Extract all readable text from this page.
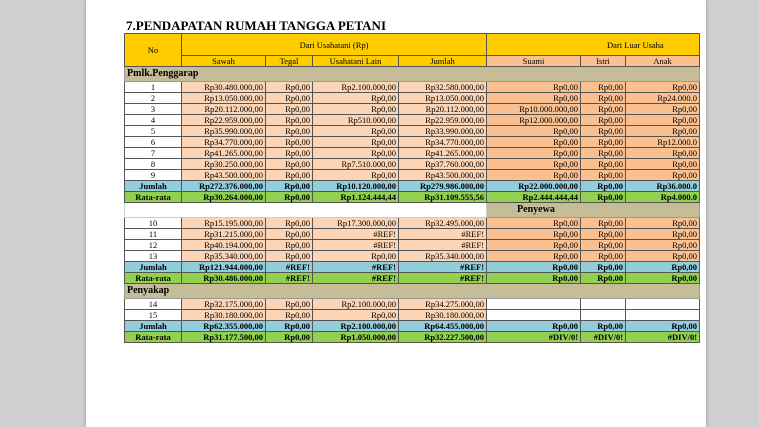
7.PENDAPATAN RUMAH TANGGA PETANI
No	Dari Usahatani (Rp)				Dari Luar Usaha		
	Sawah	Tegal	Usahatani Lain	Jumlah	Suami	Istri	Anak
Pmlk.Penggarap							
1	Rp30.480.000,00	Rp0,00	Rp2.100.000,00	Rp32.580.000,00	Rp0,00	Rp0,00	Rp0,00
2	Rp13.050.000,00	Rp0,00	Rp0,00	Rp13.050.000,00	Rp0,00	Rp0,00	Rp24.000.0
3	Rp20.112.000,00	Rp0,00	Rp0,00	Rp20.112.000,00	Rp10.000.000,00	Rp0,00	Rp0,00
4	Rp22.959.000,00	Rp0,00	Rp510.000,00	Rp22.959.000,00	Rp12.000.000,00	Rp0,00	Rp0,00
5	Rp35.990.000,00	Rp0,00	Rp0,00	Rp33.990.000,00	Rp0,00	Rp0,00	Rp0,00
6	Rp34.770.000,00	Rp0,00	Rp0,00	Rp34.770.000,00	Rp0,00	Rp0,00	Rp12.000.0
7	Rp41.265.000,00	Rp0,00	Rp0,00	Rp41.265.000,00	Rp0,00	Rp0,00	Rp0,00
8	Rp30.250.000,00	Rp0,00	Rp7.510.000,00	Rp37.760.000,00	Rp0,00	Rp0,00	Rp0,00
9	Rp43.500.000,00	Rp0,00	Rp0,00	Rp43.500.000,00	Rp0,00	Rp0,00	Rp0,00
Jumlah	Rp272.376.000,00	Rp0,00	Rp10.120.000,00	Rp279.986.000,00	Rp22.000.000,00	Rp0,00	Rp36.000.0
Rata-rata	Rp30.264.000,00	Rp0,00	Rp1.124.444,44	Rp31.109.555,56	Rp2.444.444,44	Rp0,00	Rp4.000.0
					Penyewa		
10	Rp15.195.000,00	Rp0,00	Rp17.300.000,00	Rp32.495.000,00	Rp0,00	Rp0,00	Rp0,00
11	Rp31.215.000,00	Rp0,00	#REF!	#REF!	Rp0,00	Rp0,00	Rp0,00
12	Rp40.194.000,00	Rp0,00	#REF!	#REF!	Rp0,00	Rp0,00	Rp0,00
13	Rp35.340.000,00	Rp0,00	Rp0,00	Rp35.340.000,00	Rp0,00	Rp0,00	Rp0,00
Jumlah	Rp121.944.000,00	#REF!	#REF!	#REF!	Rp0,00	Rp0,00	Rp0,00
Rata-rata	Rp30.486.000,00	#REF!	#REF!	#REF!	Rp0,00	Rp0,00	Rp0,00
Penyakap							
14	Rp32.175.000,00	Rp0,00	Rp2.100.000,00	Rp34.275.000,00			
15	Rp30.180.000,00	Rp0,00	Rp0,00	Rp30.180.000,00			
Jumlah	Rp62.355.000,00	Rp0,00	Rp2.100.000,00	Rp64.455.000,00	Rp0,00	Rp0,00	Rp0,00
Rata-rata	Rp31.177.500,00	Rp0,00	Rp1.050.000,00	Rp32.227.500,00	#DIV/0!	#DIV/0!	#DIV/0!
